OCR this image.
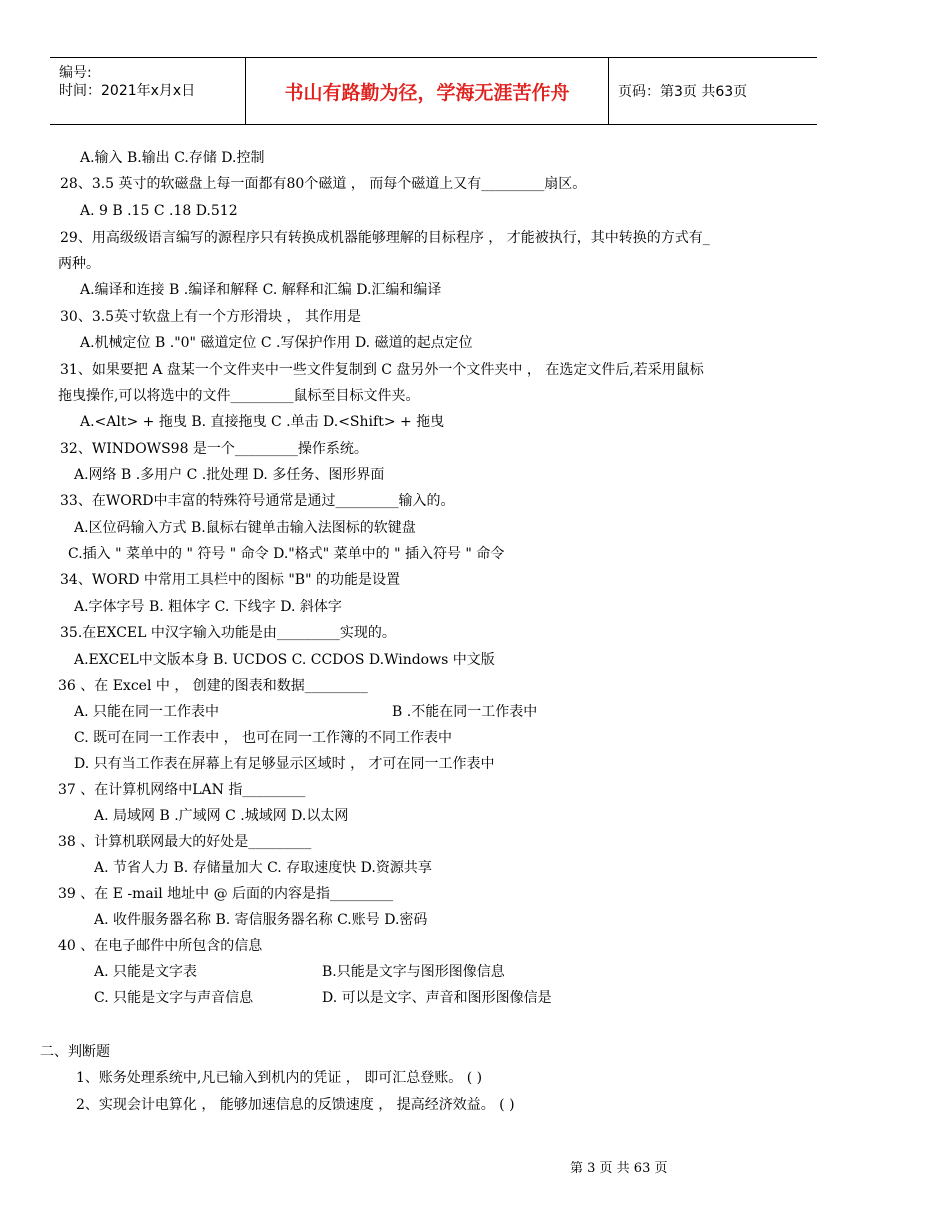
编号:
时间：2021年x月x日	书山有路勤为径，学海无涯苦作舟	页码：第3页 共63页
A.输入 B.输出 C.存储 D.控制
28、3.5 英寸的软磁盘上每一面都有80个磁道 ， 而每个磁道上又有_________扇区。
A. 9 B .15 C .18 D.512
29、用高级级语言编写的源程序只有转换成机器能够理解的目标程序 ， 才能被执行，其中转换的方式有_
两种。
A.编译和连接 B .编译和解释 C. 解释和汇编 D.汇编和编译
30、3.5英寸软盘上有一个方形滑块 ， 其作用是
A.机械定位 B ."0" 磁道定位 C .写保护作用 D. 磁道的起点定位
31、如果要把 A 盘某一个文件夹中一些文件复制到 C 盘另外一个文件夹中 ， 在选定文件后,若采用鼠标
拖曳操作,可以将选中的文件_________鼠标至目标文件夹。
A.<Alt> + 拖曳 B. 直接拖曳 C .单击 D.<Shift> + 拖曳
32、WINDOWS98 是一个_________操作系统。
A.网络 B .多用户 C .批处理 D. 多任务、图形界面
33、在WORD中丰富的特殊符号通常是通过_________输入的。
A.区位码输入方式 B.鼠标右键单击输入法图标的软键盘
C.插入 " 菜单中的 " 符号 " 命令 D."格式" 菜单中的 " 插入符号 " 命令
34、WORD 中常用工具栏中的图标 "B" 的功能是设置
A.字体字号 B. 粗体字 C. 下线字 D. 斜体字
35.在EXCEL 中汉字输入功能是由_________实现的。
A.EXCEL中文版本身 B. UCDOS C. CCDOS D.Windows 中文版
36 、在 Excel 中 ， 创建的图表和数据_________
A. 只能在同一工作表中	B .不能在同一工作表中
C. 既可在同一工作表中 ， 也可在同一工作簿的不同工作表中
D. 只有当工作表在屏幕上有足够显示区域时 ， 才可在同一工作表中
37 、在计算机网络中LAN 指_________
A. 局域网 B .广域网 C .城域网 D.以太网
38 、计算机联网最大的好处是_________
A. 节省人力 B. 存储量加大 C. 存取速度快 D.资源共享
39 、在 E -mail 地址中 @ 后面的内容是指_________
A. 收件服务器名称 B. 寄信服务器名称 C.账号 D.密码
40 、在电子邮件中所包含的信息
A. 只能是文字表	B.只能是文字与图形图像信息
C. 只能是文字与声音信息	D. 可以是文字、声音和图形图像信是
二、判断题
1、账务处理系统中,凡已输入到机内的凭证 ， 即可汇总登账。 ( )
2、实现会计电算化 ， 能够加速信息的反馈速度 ， 提高经济效益。 ( )
第 3 页 共 63 页
